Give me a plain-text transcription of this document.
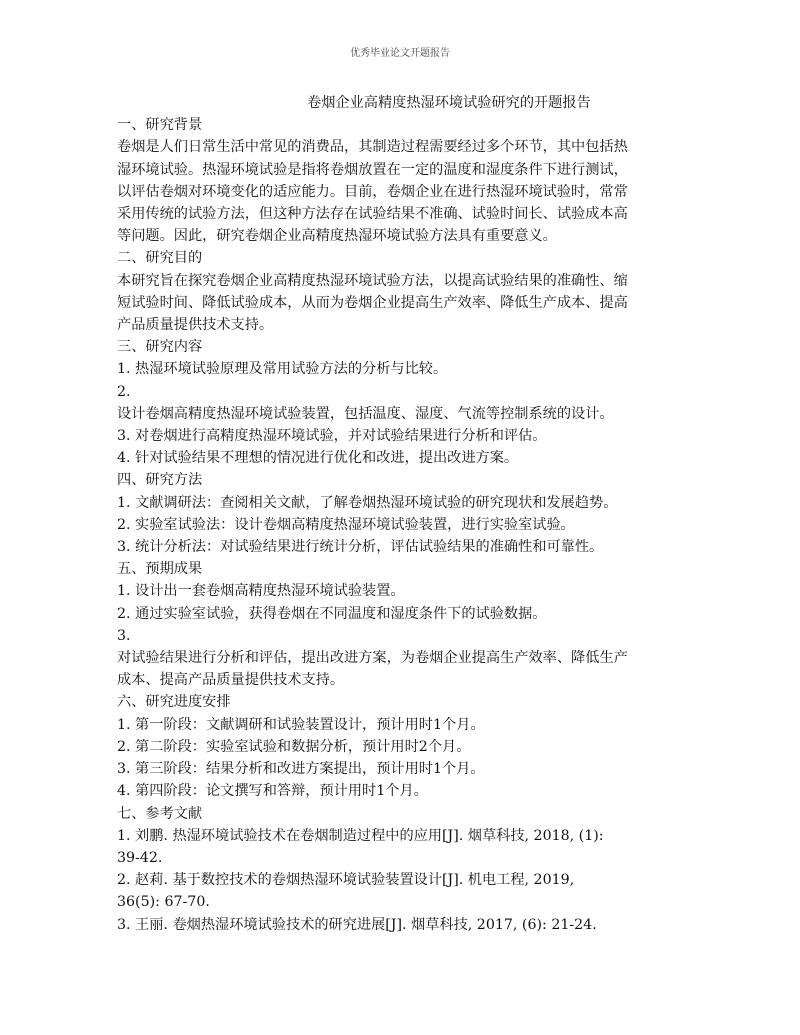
优秀毕业论文开题报告
卷烟企业高精度热湿环境试验研究的开题报告
一、研究背景
卷烟是人们日常生活中常见的消费品，其制造过程需要经过多个环节，其中包括热
湿环境试验。热湿环境试验是指将卷烟放置在一定的温度和湿度条件下进行测试，
以评估卷烟对环境变化的适应能力。目前，卷烟企业在进行热湿环境试验时，常常
采用传统的试验方法，但这种方法存在试验结果不准确、试验时间长、试验成本高
等问题。因此，研究卷烟企业高精度热湿环境试验方法具有重要意义。
二、研究目的
本研究旨在探究卷烟企业高精度热湿环境试验方法，以提高试验结果的准确性、缩
短试验时间、降低试验成本，从而为卷烟企业提高生产效率、降低生产成本、提高
产品质量提供技术支持。
三、研究内容
1. 热湿环境试验原理及常用试验方法的分析与比较。
2.
设计卷烟高精度热湿环境试验装置，包括温度、湿度、气流等控制系统的设计。
3. 对卷烟进行高精度热湿环境试验，并对试验结果进行分析和评估。
4. 针对试验结果不理想的情况进行优化和改进，提出改进方案。
四、研究方法
1. 文献调研法：查阅相关文献，了解卷烟热湿环境试验的研究现状和发展趋势。
2. 实验室试验法：设计卷烟高精度热湿环境试验装置，进行实验室试验。
3. 统计分析法：对试验结果进行统计分析，评估试验结果的准确性和可靠性。
五、预期成果
1. 设计出一套卷烟高精度热湿环境试验装置。
2. 通过实验室试验，获得卷烟在不同温度和湿度条件下的试验数据。
3.
对试验结果进行分析和评估，提出改进方案，为卷烟企业提高生产效率、降低生产
成本、提高产品质量提供技术支持。
六、研究进度安排
1. 第一阶段：文献调研和试验装置设计，预计用时1个月。
2. 第二阶段：实验室试验和数据分析，预计用时2个月。
3. 第三阶段：结果分析和改进方案提出，预计用时1个月。
4. 第四阶段：论文撰写和答辩，预计用时1个月。
七、参考文献
1. 刘鹏. 热湿环境试验技术在卷烟制造过程中的应用[J]. 烟草科技, 2018, (1):
39-42.
2. 赵莉. 基于数控技术的卷烟热湿环境试验装置设计[J]. 机电工程, 2019,
36(5): 67-70.
3. 王丽. 卷烟热湿环境试验技术的研究进展[J]. 烟草科技, 2017, (6): 21-24.
